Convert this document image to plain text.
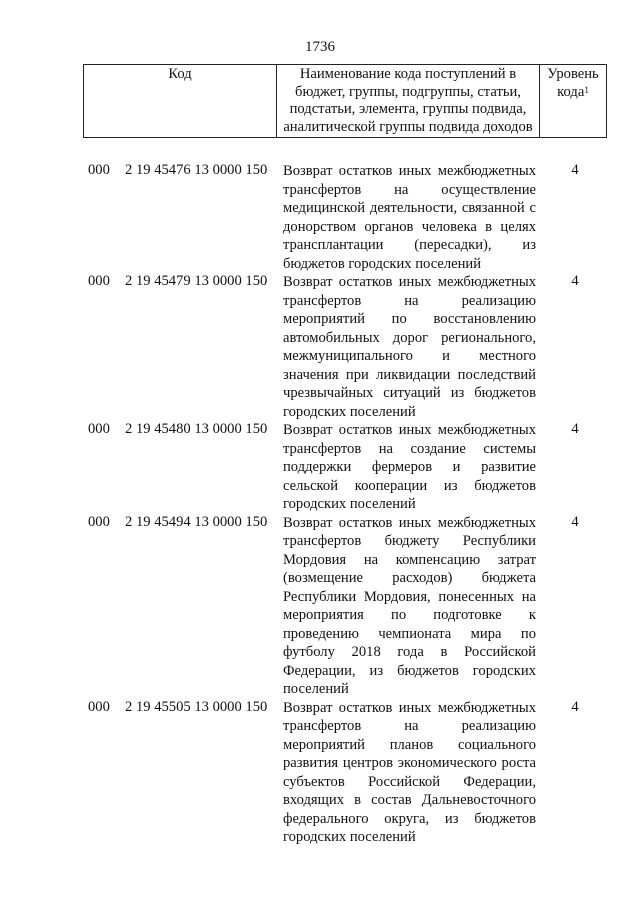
1736
Код	Наименование кода поступлений в бюджет, группы, подгруппы, статьи, подстатьи, элемента, группы подвида, аналитической группы подвида доходов
Уровень кода$^1$
000 2 19 45476 13 0000 150 Возврат остатков иных межбюджетных трансфертов на осуществление медицинской деятельности, связанной с донорством органов человека в целях трансплантации (пересадки), из бюджетов городских поселений
4
000 2 19 45479 13 0000 150 Возврат остатков иных межбюджетных трансфертов на реализацию мероприятий по восстановлению автомобильных дорог регионального, межмуниципального и местного значения при ликвидации последствий чрезвычайных ситуаций из бюджетов городских поселений
4
000 2 19 45480 13 0000 150 Возврат остатков иных межбюджетных трансфертов на создание системы поддержки фермеров и развитие сельской кооперации из бюджетов городских поселений
4
000 2 19 45494 13 0000 150 Возврат остатков иных межбюджетных трансфертов бюджету Республики Мордовия на компенсацию затрат (возмещение расходов) бюджета Республики Мордовия, понесенных на мероприятия по подготовке к проведению чемпионата мира по футболу 2018 года в Российской Федерации, из бюджетов городских поселений
4
000 2 19 45505 13 0000 150 Возврат остатков иных межбюджетных трансфертов на реализацию мероприятий планов социального развития центров экономического роста субъектов Российской Федерации, входящих в состав Дальневосточного федерального округа, из бюджетов городских поселений
4
